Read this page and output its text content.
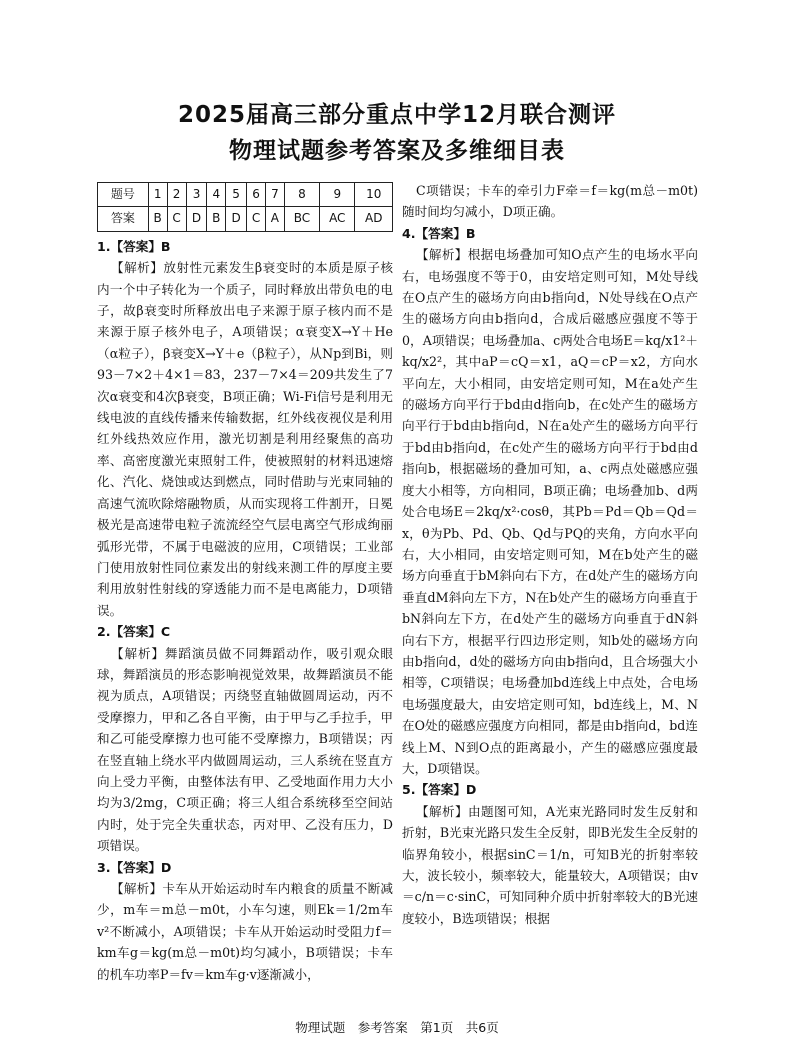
2025届高三部分重点中学12月联合测评
物理试题参考答案及多维细目表
题号	1	2	3	4	5	6	7	8	9	10
答案	B	C	D	B	D	C	A	BC	AC	AD

1.【答案】B

【解析】放射性元素发生β衰变时的本质是原子核内一个中子转化为一个质子，同时释放出带负电的电子，故β衰变时所释放出电子来源于原子核内而不是来源于原子核外电子，A项错误；α衰变X→Y＋He（α粒子），β衰变X→Y＋e（β粒子），从Np到Bi，则93－7×2＋4×1＝83，237－7×4＝209共发生了7次α衰变和4次β衰变，B项正确；Wi-Fi信号是利用无线电波的直线传播来传输数据，红外线夜视仪是利用红外线热效应作用，激光切割是利用经聚焦的高功率、高密度激光束照射工件，使被照射的材料迅速熔化、汽化、烧蚀或达到燃点，同时借助与光束同轴的高速气流吹除熔融物质，从而实现将工件割开，日冕极光是高速带电粒子流流经空气层电离空气形成绚丽弧形光带，不属于电磁波的应用，C项错误；工业部门使用放射性同位素发出的射线来测工件的厚度主要利用放射性射线的穿透能力而不是电离能力，D项错误。

2.【答案】C

【解析】舞蹈演员做不同舞蹈动作，吸引观众眼球，舞蹈演员的形态影响视觉效果，故舞蹈演员不能视为质点，A项错误；丙绕竖直轴做圆周运动，丙不受摩擦力，甲和乙各自平衡，由于甲与乙手拉手，甲和乙可能受摩擦力也可能不受摩擦力，B项错误；丙在竖直轴上绕水平内做圆周运动，三人系统在竖直方向上受力平衡，由整体法有甲、乙受地面作用力大小均为3/2mg，C项正确；将三人组合系统移至空间站内时，处于完全失重状态，丙对甲、乙没有压力，D项错误。

3.【答案】D

【解析】卡车从开始运动时车内粮食的质量不断减少，m车＝m总－m0t，小车匀速，则Ek＝1/2m车v²不断减小，A项错误；卡车从开始运动时受阻力f＝km车g＝kg(m总－m0t)均匀减小，B项错误；卡车的机车功率P＝fv＝km车g·v逐渐减小，

C项错误；卡车的牵引力F牵＝f＝kg(m总－m0t)随时间均匀减小，D项正确。

4.【答案】B

【解析】根据电场叠加可知O点产生的电场水平向右，电场强度不等于0，由安培定则可知，M处导线在O点产生的磁场方向由b指向d，N处导线在O点产生的磁场方向由b指向d，合成后磁感应强度不等于0，A项错误；电场叠加a、c两处合电场E＝kq/x1²＋kq/x2²，其中aP＝cQ＝x1，aQ＝cP＝x2，方向水平向左，大小相同，由安培定则可知，M在a处产生的磁场方向平行于bd由d指向b，在c处产生的磁场方向平行于bd由b指向d，N在a处产生的磁场方向平行于bd由b指向d，在c处产生的磁场方向平行于bd由d指向b，根据磁场的叠加可知，a、c两点处磁感应强度大小相等，方向相同，B项正确；电场叠加b、d两处合电场E＝2kq/x²·cosθ，其Pb＝Pd＝Qb＝Qd＝x，θ为Pb、Pd、Qb、Qd与PQ的夹角，方向水平向右，大小相同，由安培定则可知，M在b处产生的磁场方向垂直于bM斜向右下方，在d处产生的磁场方向垂直dM斜向左下方，N在b处产生的磁场方向垂直于bN斜向左下方，在d处产生的磁场方向垂直于dN斜向右下方，根据平行四边形定则，知b处的磁场方向由b指向d，d处的磁场方向由b指向d，且合场强大小相等，C项错误；电场叠加bd连线上中点处，合电场电场强度最大，由安培定则可知，bd连线上，M、N在O处的磁感应强度方向相同，都是由b指向d，bd连线上M、N到O点的距离最小，产生的磁感应强度最大，D项错误。

5.【答案】D

【解析】由题图可知，A光束光路同时发生反射和折射，B光束光路只发生全反射，即B光发生全反射的临界角较小，根据sinC＝1/n，可知B光的折射率较大，波长较小，频率较大，能量较大，A项错误；由v＝c/n＝c·sinC，可知同种介质中折射率较大的B光速度较小，B选项错误；根据

物理试题　参考答案　第1页　共6页
